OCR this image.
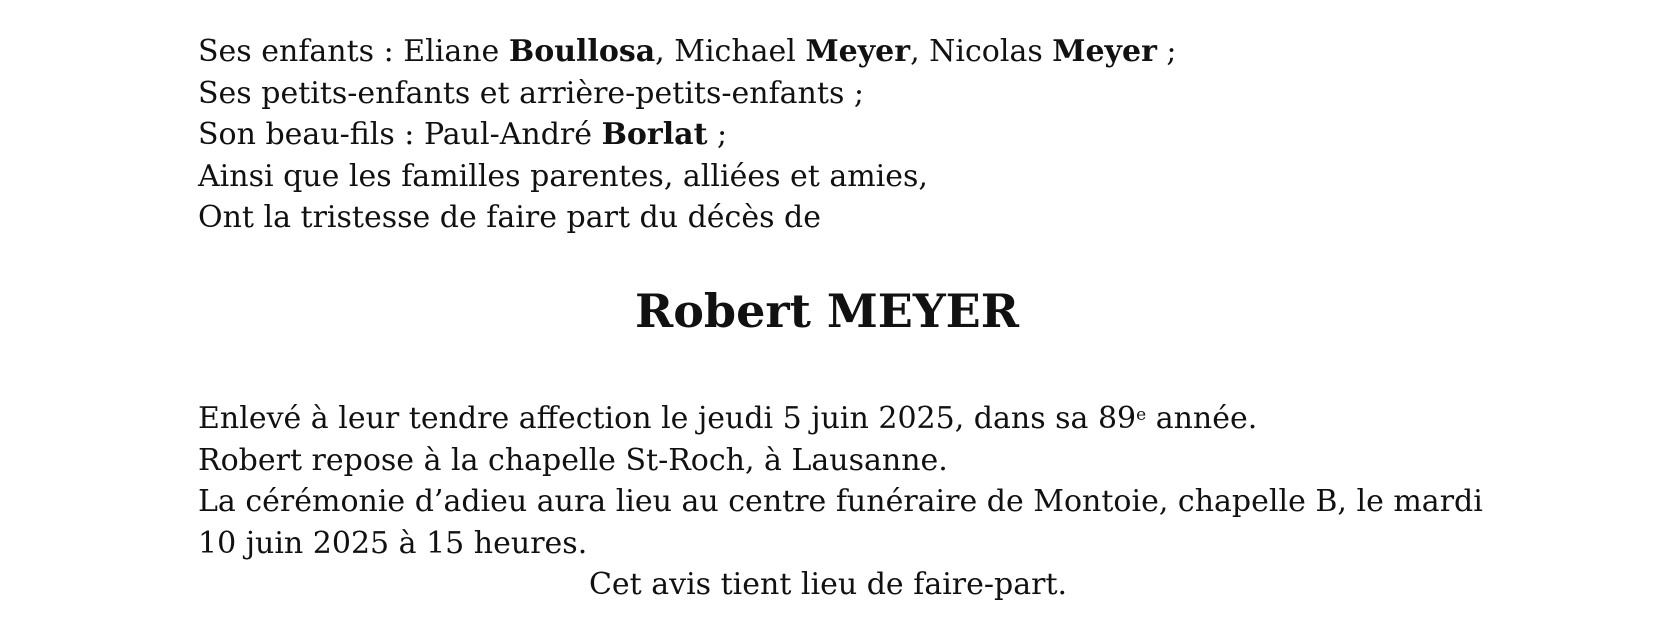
Ses enfants : Eliane Boullosa, Michael Meyer, Nicolas Meyer ;
Ses petits-enfants et arrière-petits-enfants ;
Son beau-fils : Paul-André Borlat ;
Ainsi que les familles parentes, alliées et amies,
Ont la tristesse de faire part du décès de
Robert MEYER
Enlevé à leur tendre affection le jeudi 5 juin 2025, dans sa 89e année.
Robert repose à la chapelle St-Roch, à Lausanne.
La cérémonie d’adieu aura lieu au centre funéraire de Montoie, chapelle B, le mardi
10 juin 2025 à 15 heures.
Cet avis tient lieu de faire-part.
